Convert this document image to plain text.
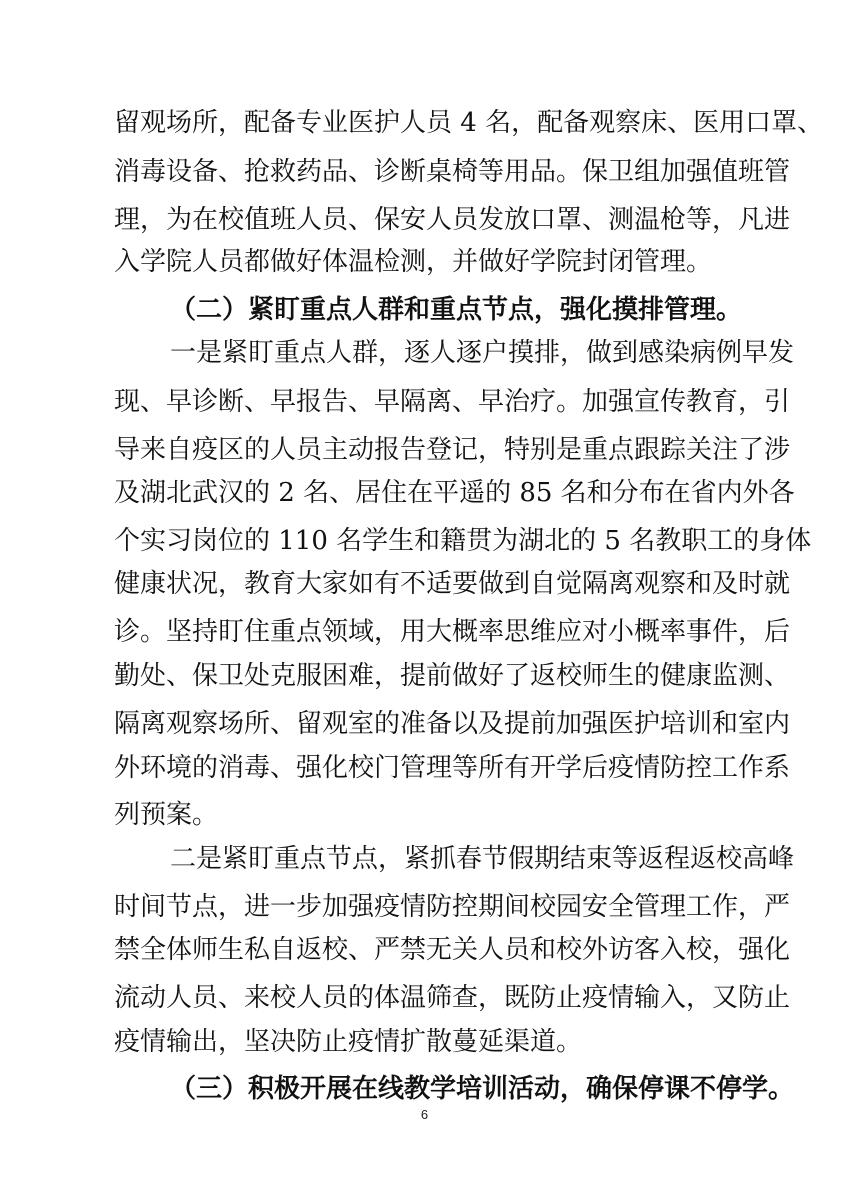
留观场所，配备专业医护人员 4 名，配备观察床、医用口罩、
消毒设备、抢救药品、诊断桌椅等用品。保卫组加强值班管
理，为在校值班人员、保安人员发放口罩、测温枪等，凡进
入学院人员都做好体温检测，并做好学院封闭管理。
（二）紧盯重点人群和重点节点，强化摸排管理。
一是紧盯重点人群，逐人逐户摸排，做到感染病例早发
现、早诊断、早报告、早隔离、早治疗。加强宣传教育，引
导来自疫区的人员主动报告登记，特别是重点跟踪关注了涉
及湖北武汉的 2 名、居住在平遥的 85 名和分布在省内外各
个实习岗位的 110 名学生和籍贯为湖北的 5 名教职工的身体
健康状况，教育大家如有不适要做到自觉隔离观察和及时就
诊。坚持盯住重点领域，用大概率思维应对小概率事件，后
勤处、保卫处克服困难，提前做好了返校师生的健康监测、
隔离观察场所、留观室的准备以及提前加强医护培训和室内
外环境的消毒、强化校门管理等所有开学后疫情防控工作系
列预案。
二是紧盯重点节点，紧抓春节假期结束等返程返校高峰
时间节点，进一步加强疫情防控期间校园安全管理工作，严
禁全体师生私自返校、严禁无关人员和校外访客入校，强化
流动人员、来校人员的体温筛查，既防止疫情输入，又防止
疫情输出，坚决防止疫情扩散蔓延渠道。
（三）积极开展在线教学培训活动，确保停课不停学。
6
